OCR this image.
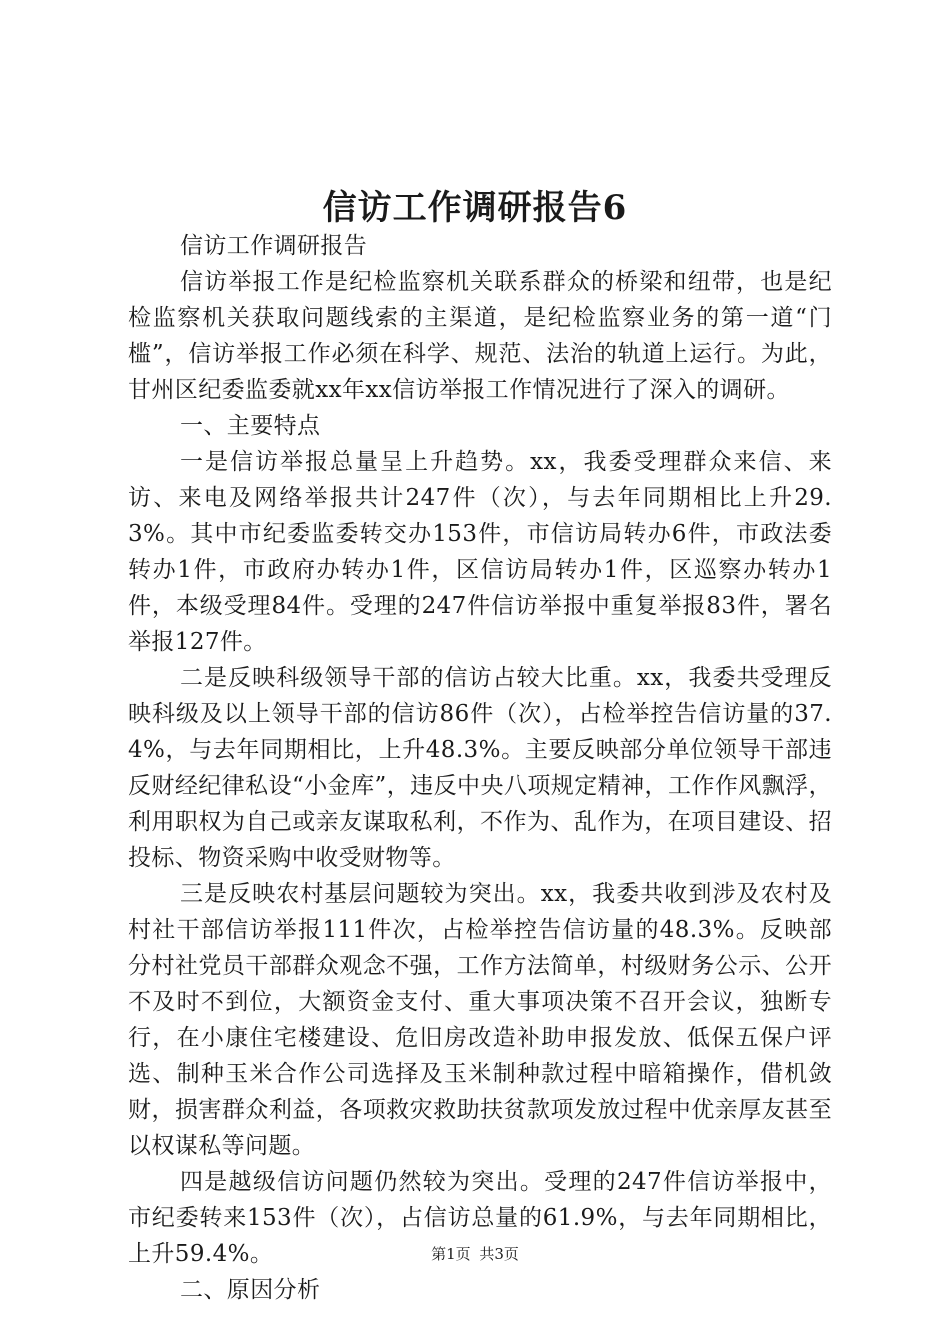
信访工作调研报告6

信访工作调研报告

信访举报工作是纪检监察机关联系群众的桥梁和纽带，也是纪检监察机关获取问题线索的主渠道，是纪检监察业务的第一道“门槛”，信访举报工作必须在科学、规范、法治的轨道上运行。为此，甘州区纪委监委就xx年xx信访举报工作情况进行了深入的调研。

一、主要特点

一是信访举报总量呈上升趋势。xx，我委受理群众来信、来访、来电及网络举报共计247件（次），与去年同期相比上升29.3%。其中市纪委监委转交办153件，市信访局转办6件，市政法委转办1件，市政府办转办1件，区信访局转办1件，区巡察办转办1件，本级受理84件。受理的247件信访举报中重复举报83件，署名举报127件。

二是反映科级领导干部的信访占较大比重。xx，我委共受理反映科级及以上领导干部的信访86件（次），占检举控告信访量的37.4%，与去年同期相比，上升48.3%。主要反映部分单位领导干部违反财经纪律私设“小金库”，违反中央八项规定精神，工作作风飘浮，利用职权为自己或亲友谋取私利，不作为、乱作为，在项目建设、招投标、物资采购中收受财物等。

三是反映农村基层问题较为突出。xx，我委共收到涉及农村及村社干部信访举报111件次，占检举控告信访量的48.3%。反映部分村社党员干部群众观念不强，工作方法简单，村级财务公示、公开不及时不到位，大额资金支付、重大事项决策不召开会议，独断专行，在小康住宅楼建设、危旧房改造补助申报发放、低保五保户评选、制种玉米合作公司选择及玉米制种款过程中暗箱操作，借机敛财，损害群众利益，各项救灾救助扶贫款项发放过程中优亲厚友甚至以权谋私等问题。

四是越级信访问题仍然较为突出。受理的247件信访举报中，市纪委转来153件（次），占信访总量的61.9%，与去年同期相比，上升59.4%。

二、原因分析

第1页 共3页
